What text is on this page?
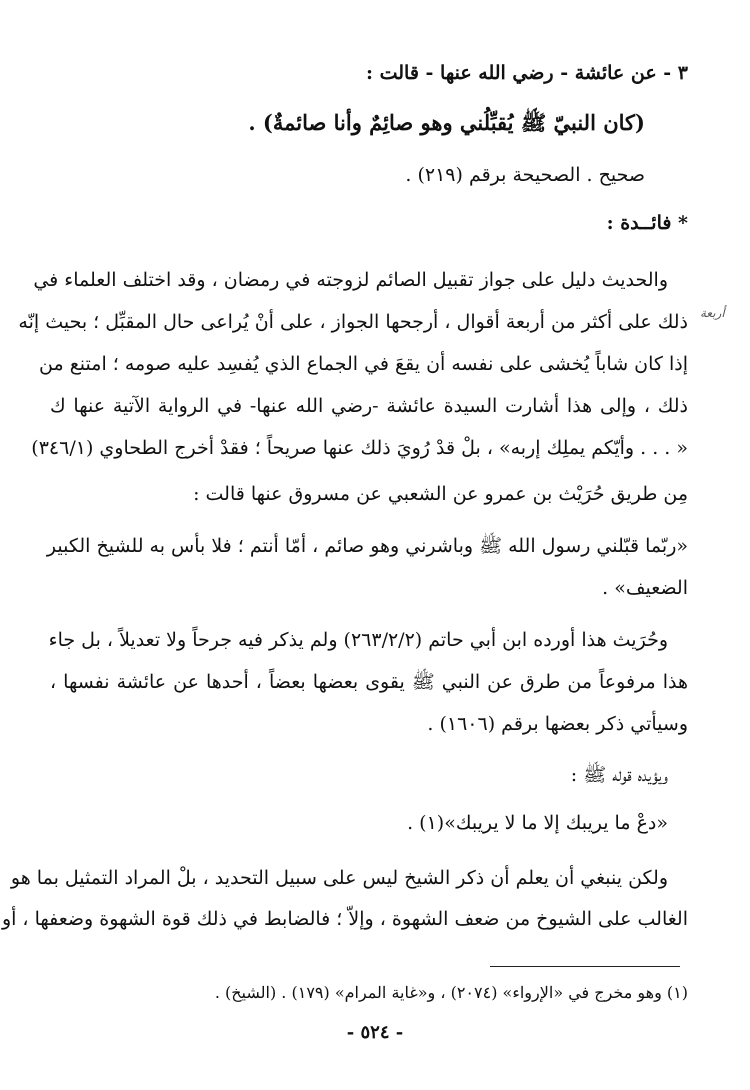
٣ - عن عائشة - رضي الله عنها - قالت :
(كان النبيّ ﷺ يُقبِّلُني وهو صائِمٌ وأنا صائمةٌ) .
صحيح . الصحيحة برقم (٢١٩) .
* فائــدة :
والحديث دليل على جواز تقبيل الصائم لزوجته في رمضان ، وقد اختلف العلماء في
ذلك على أكثر من أربعة أقوال ، أرجحها الجواز ، على أنْ يُراعى حال المقبِّل ؛ بحيث إنّه
إذا كان شاباً يُخشى على نفسه أن يقعَ في الجماع الذي يُفسِد عليه صومه ؛ امتنع من
ذلك ، وإلى هذا أشارت السيدة عائشة -رضي الله عنها- في الرواية الآتية عنها ك
« . . . وأيّكم يملِك إربه» ، بلْ قدْ رُويَ ذلك عنها صريحاً ؛ فقدْ أخرج الطحاوي (٣٤٦/١)
مِن طريق حُرَيْث بن عمرو عن الشعبي عن مسروق عنها قالت :
«ربّما قبّلني رسول الله ﷺ وباشرني وهو صائم ، أمّا أنتم ؛ فلا بأس به للشيخ الكبير
الضعيف» .
وحُرَيث هذا أورده ابن أبي حاتم (٢٦٣/٢/٢) ولم يذكر فيه جرحاً ولا تعديلاً ، بل جاء
هذا مرفوعاً من طرق عن النبي ﷺ يقوى بعضها بعضاً ، أحدها عن عائشة نفسها ،
وسيأتي ذكر بعضها برقم (١٦٠٦) .
ويؤيده قوله ﷺ :
«دعْ ما يريبك إلا ما لا يريبك»(١) .
ولكن ينبغي أن يعلم أن ذكر الشيخ ليس على سبيل التحديد ، بلْ المراد التمثيل بما هو
الغالب على الشيوخ من ضعف الشهوة ، وإلاّ ؛ فالضابط في ذلك قوة الشهوة وضعفها ، أو
(١) وهو مخرج في «الإرواء» (٢٠٧٤) ، و«غاية المرام» (١٧٩) . (الشيخ) .
- ٥٢٤ -
أربعة
